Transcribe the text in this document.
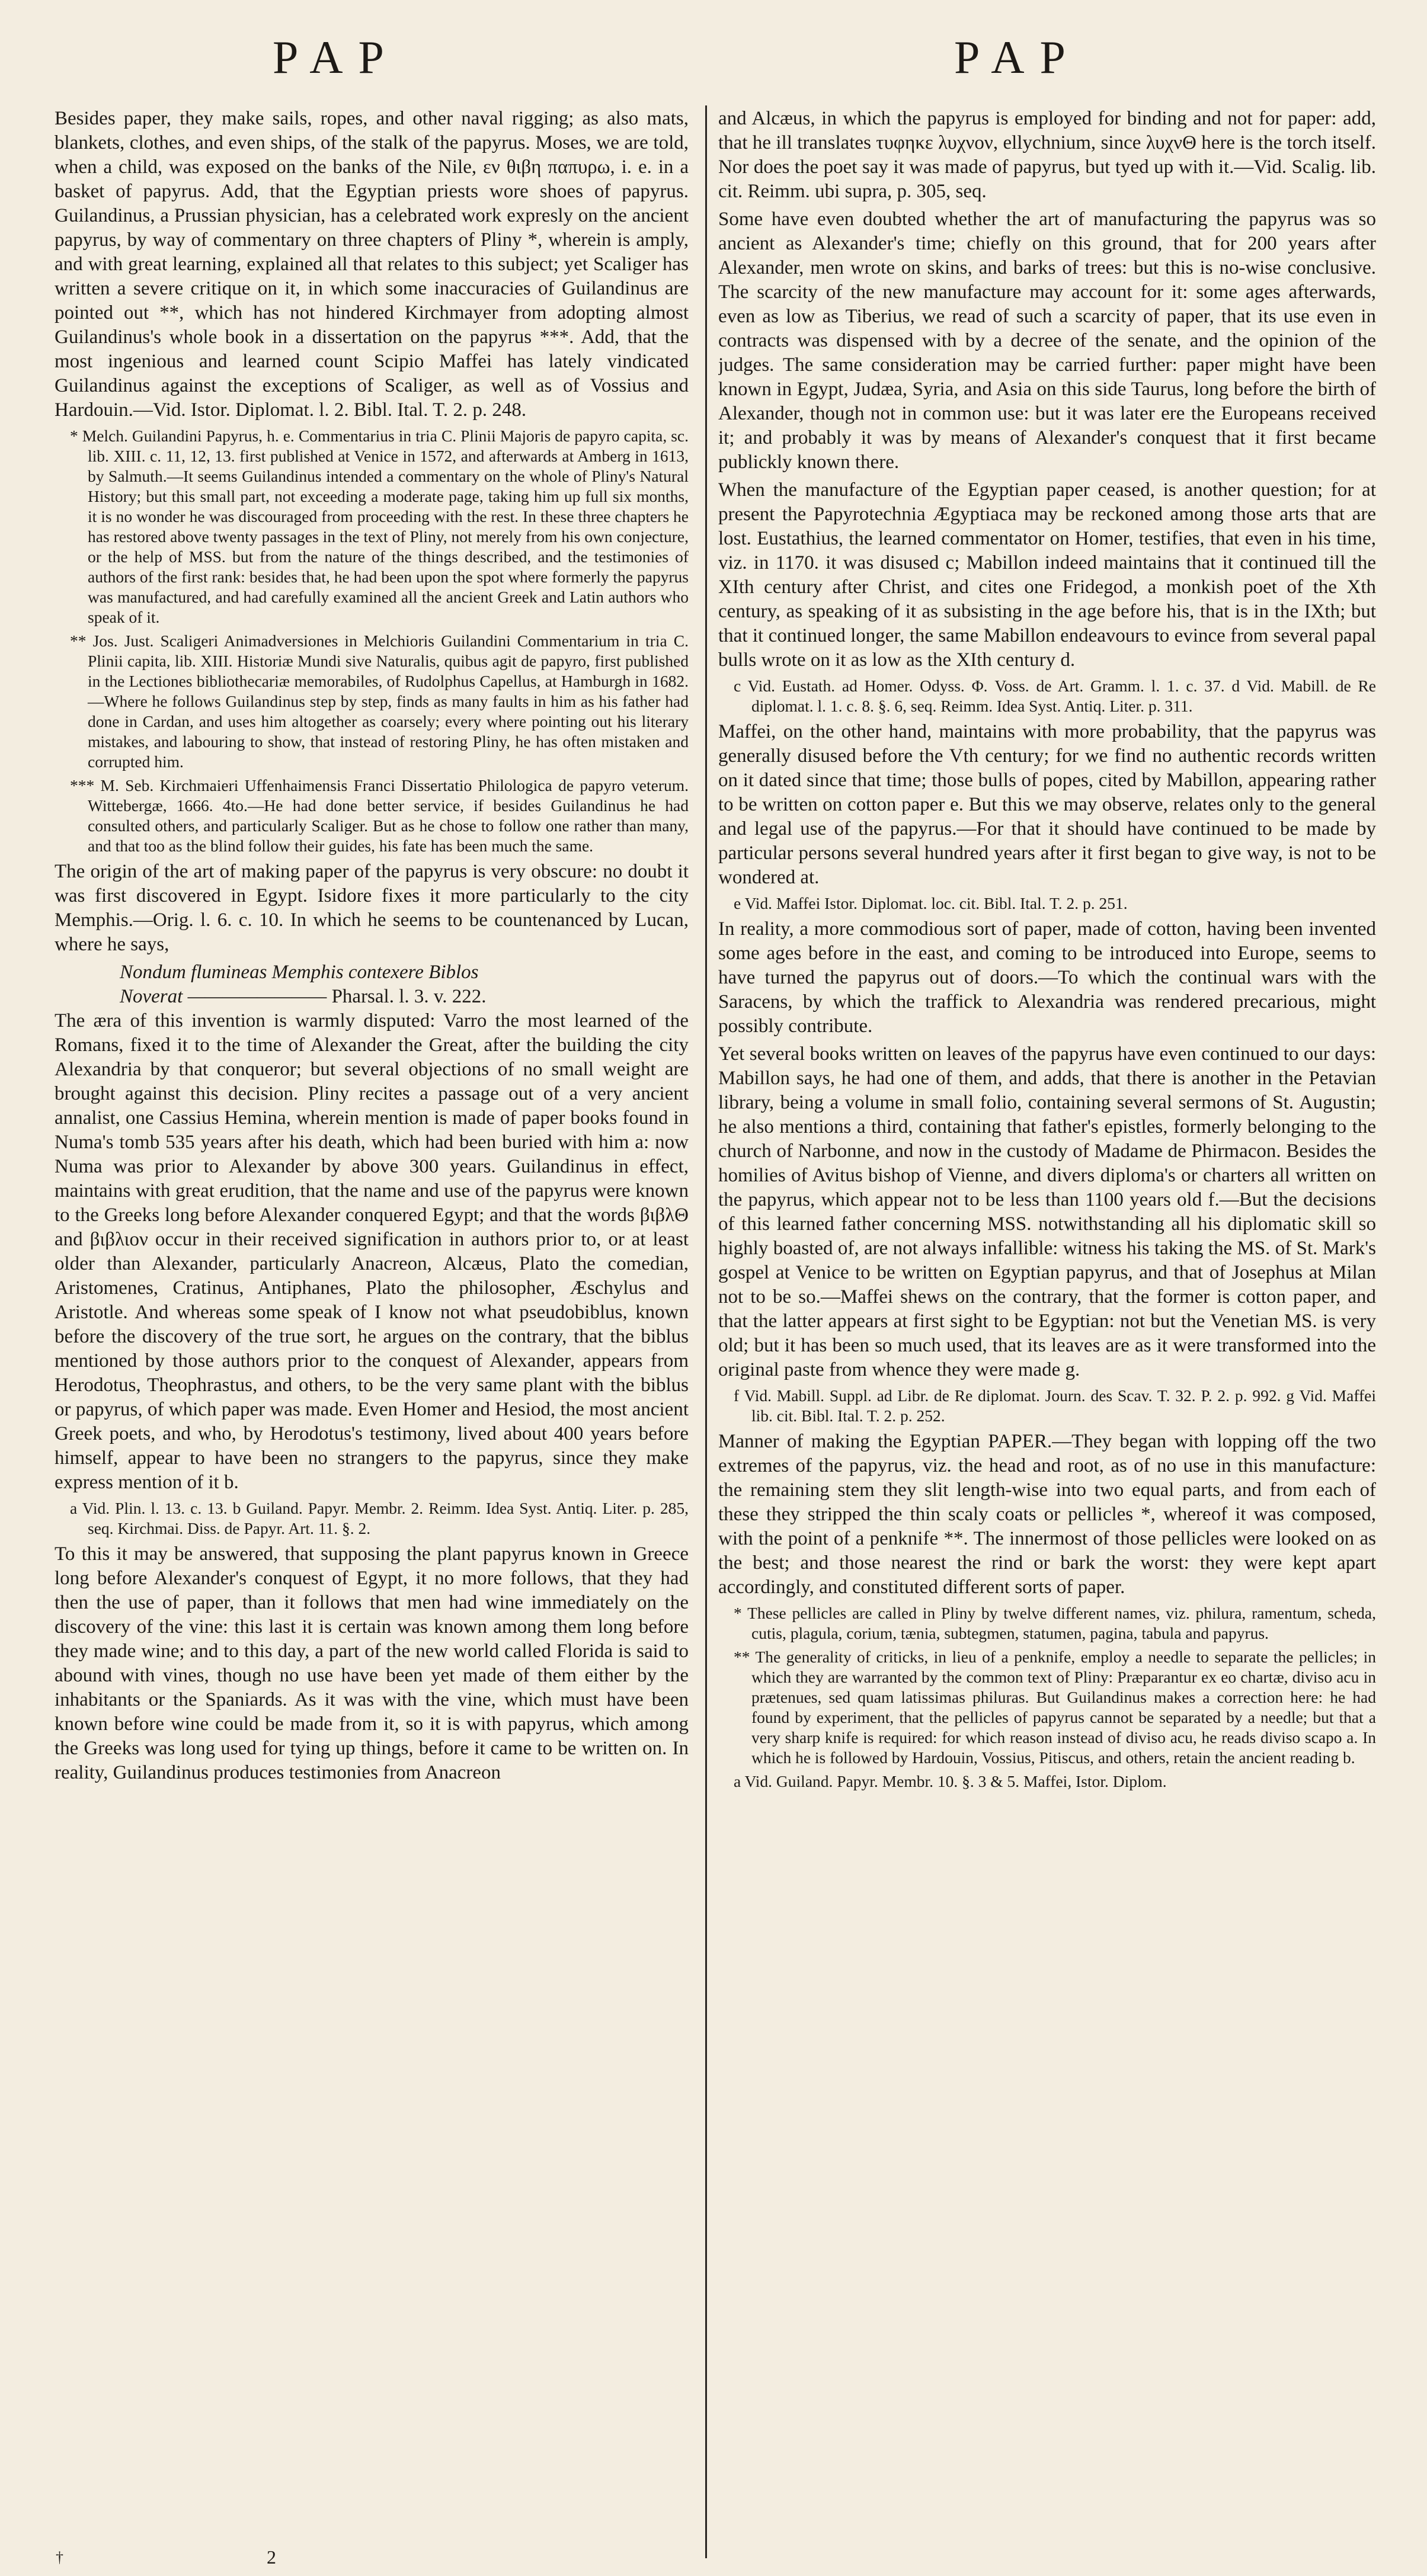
PAP	PAP

Besides paper, they make sails, ropes, and other naval rigging; as also mats, blankets, clothes, and even ships, of the stalk of the papyrus. Moses, we are told, when a child, was exposed on the banks of the Nile, εν θιβη παπυρω, i. e. in a basket of papyrus. Add, that the Egyptian priests wore shoes of papyrus. Guilandinus, a Prussian physician, has a celebrated work expresly on the ancient papyrus, by way of commentary on three chapters of Pliny *, wherein is amply, and with great learning, explained all that relates to this subject; yet Scaliger has written a severe critique on it, in which some inaccuracies of Guilandinus are pointed out **, which has not hindered Kirchmayer from adopting almost Guilandinus's whole book in a dissertation on the papyrus ***. Add, that the most ingenious and learned count Scipio Maffei has lately vindicated Guilandinus against the exceptions of Scaliger, as well as of Vossius and Hardouin.—Vid. Istor. Diplomat. l. 2. Bibl. Ital. T. 2. p. 248.

* Melch. Guilandini Papyrus, h. e. Commentarius in tria C. Plinii Majoris de papyro capita, sc. lib. XIII. c. 11, 12, 13. first published at Venice in 1572, and afterwards at Amberg in 1613, by Salmuth.—It seems Guilandinus intended a commentary on the whole of Pliny's Natural History; but this small part, not exceeding a moderate page, taking him up full six months, it is no wonder he was discouraged from proceeding with the rest. In these three chapters he has restored above twenty passages in the text of Pliny, not merely from his own conjecture, or the help of MSS. but from the nature of the things described, and the testimonies of authors of the first rank: besides that, he had been upon the spot where formerly the papyrus was manufactured, and had carefully examined all the ancient Greek and Latin authors who speak of it.

** Jos. Just. Scaligeri Animadversiones in Melchioris Guilandini Commentarium in tria C. Plinii capita, lib. XIII. Historiæ Mundi sive Naturalis, quibus agit de papyro, first published in the Lectiones bibliothecariæ memorabiles, of Rudolphus Capellus, at Hamburgh in 1682.—Where he follows Guilandinus step by step, finds as many faults in him as his father had done in Cardan, and uses him altogether as coarsely; every where pointing out his literary mistakes, and labouring to show, that instead of restoring Pliny, he has often mistaken and corrupted him.

*** M. Seb. Kirchmaieri Uffenhaimensis Franci Dissertatio Philologica de papyro veterum. Wittebergæ, 1666. 4to.—He had done better service, if besides Guilandinus he had consulted others, and particularly Scaliger. But as he chose to follow one rather than many, and that too as the blind follow their guides, his fate has been much the same.

The origin of the art of making paper of the papyrus is very obscure: no doubt it was first discovered in Egypt. Isidore fixes it more particularly to the city Memphis.—Orig. l. 6. c. 10. In which he seems to be countenanced by Lucan, where he says,

Nondum flumineas Memphis contexere Biblos

Noverat ———————— Pharsal. l. 3. v. 222.

The æra of this invention is warmly disputed: Varro the most learned of the Romans, fixed it to the time of Alexander the Great, after the building the city Alexandria by that conqueror; but several objections of no small weight are brought against this decision. Pliny recites a passage out of a very ancient annalist, one Cassius Hemina, wherein mention is made of paper books found in Numa's tomb 535 years after his death, which had been buried with him a: now Numa was prior to Alexander by above 300 years. Guilandinus in effect, maintains with great erudition, that the name and use of the papyrus were known to the Greeks long before Alexander conquered Egypt; and that the words βιβλΘ and βιβλιον occur in their received signification in authors prior to, or at least older than Alexander, particularly Anacreon, Alcæus, Plato the comedian, Aristomenes, Cratinus, Antiphanes, Plato the philosopher, Æschylus and Aristotle. And whereas some speak of I know not what pseudobiblus, known before the discovery of the true sort, he argues on the contrary, that the biblus mentioned by those authors prior to the conquest of Alexander, appears from Herodotus, Theophrastus, and others, to be the very same plant with the biblus or papyrus, of which paper was made. Even Homer and Hesiod, the most ancient Greek poets, and who, by Herodotus's testimony, lived about 400 years before himself, appear to have been no strangers to the papyrus, since they make express mention of it b.

a Vid. Plin. l. 13. c. 13. b Guiland. Papyr. Membr. 2. Reimm. Idea Syst. Antiq. Liter. p. 285, seq. Kirchmai. Diss. de Papyr. Art. 11. §. 2.

To this it may be answered, that supposing the plant papyrus known in Greece long before Alexander's conquest of Egypt, it no more follows, that they had then the use of paper, than it follows that men had wine immediately on the discovery of the vine: this last it is certain was known among them long before they made wine; and to this day, a part of the new world called Florida is said to abound with vines, though no use have been yet made of them either by the inhabitants or the Spaniards. As it was with the vine, which must have been known before wine could be made from it, so it is with papyrus, which among the Greeks was long used for tying up things, before it came to be written on. In reality, Guilandinus produces testimonies from Anacreon

and Alcæus, in which the papyrus is employed for binding and not for paper: add, that he ill translates τυφηκε λυχνον, ellychnium, since λυχνΘ here is the torch itself. Nor does the poet say it was made of papyrus, but tyed up with it.—Vid. Scalig. lib. cit. Reimm. ubi supra, p. 305, seq.

Some have even doubted whether the art of manufacturing the papyrus was so ancient as Alexander's time; chiefly on this ground, that for 200 years after Alexander, men wrote on skins, and barks of trees: but this is no-wise conclusive. The scarcity of the new manufacture may account for it: some ages afterwards, even as low as Tiberius, we read of such a scarcity of paper, that its use even in contracts was dispensed with by a decree of the senate, and the opinion of the judges. The same consideration may be carried further: paper might have been known in Egypt, Judæa, Syria, and Asia on this side Taurus, long before the birth of Alexander, though not in common use: but it was later ere the Europeans received it; and probably it was by means of Alexander's conquest that it first became publickly known there.

When the manufacture of the Egyptian paper ceased, is another question; for at present the Papyrotechnia Ægyptiaca may be reckoned among those arts that are lost. Eustathius, the learned commentator on Homer, testifies, that even in his time, viz. in 1170. it was disused c; Mabillon indeed maintains that it continued till the XIth century after Christ, and cites one Fridegod, a monkish poet of the Xth century, as speaking of it as subsisting in the age before his, that is in the IXth; but that it continued longer, the same Mabillon endeavours to evince from several papal bulls wrote on it as low as the XIth century d.

c Vid. Eustath. ad Homer. Odyss. Φ. Voss. de Art. Gramm. l. 1. c. 37. d Vid. Mabill. de Re diplomat. l. 1. c. 8. §. 6, seq. Reimm. Idea Syst. Antiq. Liter. p. 311.

Maffei, on the other hand, maintains with more probability, that the papyrus was generally disused before the Vth century; for we find no authentic records written on it dated since that time; those bulls of popes, cited by Mabillon, appearing rather to be written on cotton paper e. But this we may observe, relates only to the general and legal use of the papyrus.—For that it should have continued to be made by particular persons several hundred years after it first began to give way, is not to be wondered at.

e Vid. Maffei Istor. Diplomat. loc. cit. Bibl. Ital. T. 2. p. 251.

In reality, a more commodious sort of paper, made of cotton, having been invented some ages before in the east, and coming to be introduced into Europe, seems to have turned the papyrus out of doors.—To which the continual wars with the Saracens, by which the traffick to Alexandria was rendered precarious, might possibly contribute.

Yet several books written on leaves of the papyrus have even continued to our days: Mabillon says, he had one of them, and adds, that there is another in the Petavian library, being a volume in small folio, containing several sermons of St. Augustin; he also mentions a third, containing that father's epistles, formerly belonging to the church of Narbonne, and now in the custody of Madame de Phirmacon. Besides the homilies of Avitus bishop of Vienne, and divers diploma's or charters all written on the papyrus, which appear not to be less than 1100 years old f.—But the decisions of this learned father concerning MSS. notwithstanding all his diplomatic skill so highly boasted of, are not always infallible: witness his taking the MS. of St. Mark's gospel at Venice to be written on Egyptian papyrus, and that of Josephus at Milan not to be so.—Maffei shews on the contrary, that the former is cotton paper, and that the latter appears at first sight to be Egyptian: not but the Venetian MS. is very old; but it has been so much used, that its leaves are as it were transformed into the original paste from whence they were made g.

f Vid. Mabill. Suppl. ad Libr. de Re diplomat. Journ. des Scav. T. 32. P. 2. p. 992. g Vid. Maffei lib. cit. Bibl. Ital. T. 2. p. 252.

Manner of making the Egyptian PAPER.—They began with lopping off the two extremes of the papyrus, viz. the head and root, as of no use in this manufacture: the remaining stem they slit length-wise into two equal parts, and from each of these they stripped the thin scaly coats or pellicles *, whereof it was composed, with the point of a penknife **. The innermost of those pellicles were looked on as the best; and those nearest the rind or bark the worst: they were kept apart accordingly, and constituted different sorts of paper.

* These pellicles are called in Pliny by twelve different names, viz. philura, ramentum, scheda, cutis, plagula, corium, tænia, subtegmen, statumen, pagina, tabula and papyrus.

** The generality of criticks, in lieu of a penknife, employ a needle to separate the pellicles; in which they are warranted by the common text of Pliny: Præparantur ex eo chartæ, diviso acu in prætenues, sed quam latissimas philuras. But Guilandinus makes a correction here: he had found by experiment, that the pellicles of papyrus cannot be separated by a needle; but that a very sharp knife is required: for which reason instead of diviso acu, he reads diviso scapo a. In which he is followed by Hardouin, Vossius, Pitiscus, and others, retain the ancient reading b.

a Vid. Guiland. Papyr. Membr. 10. §. 3 & 5. Maffei, Istor. Diplom.

†	2
